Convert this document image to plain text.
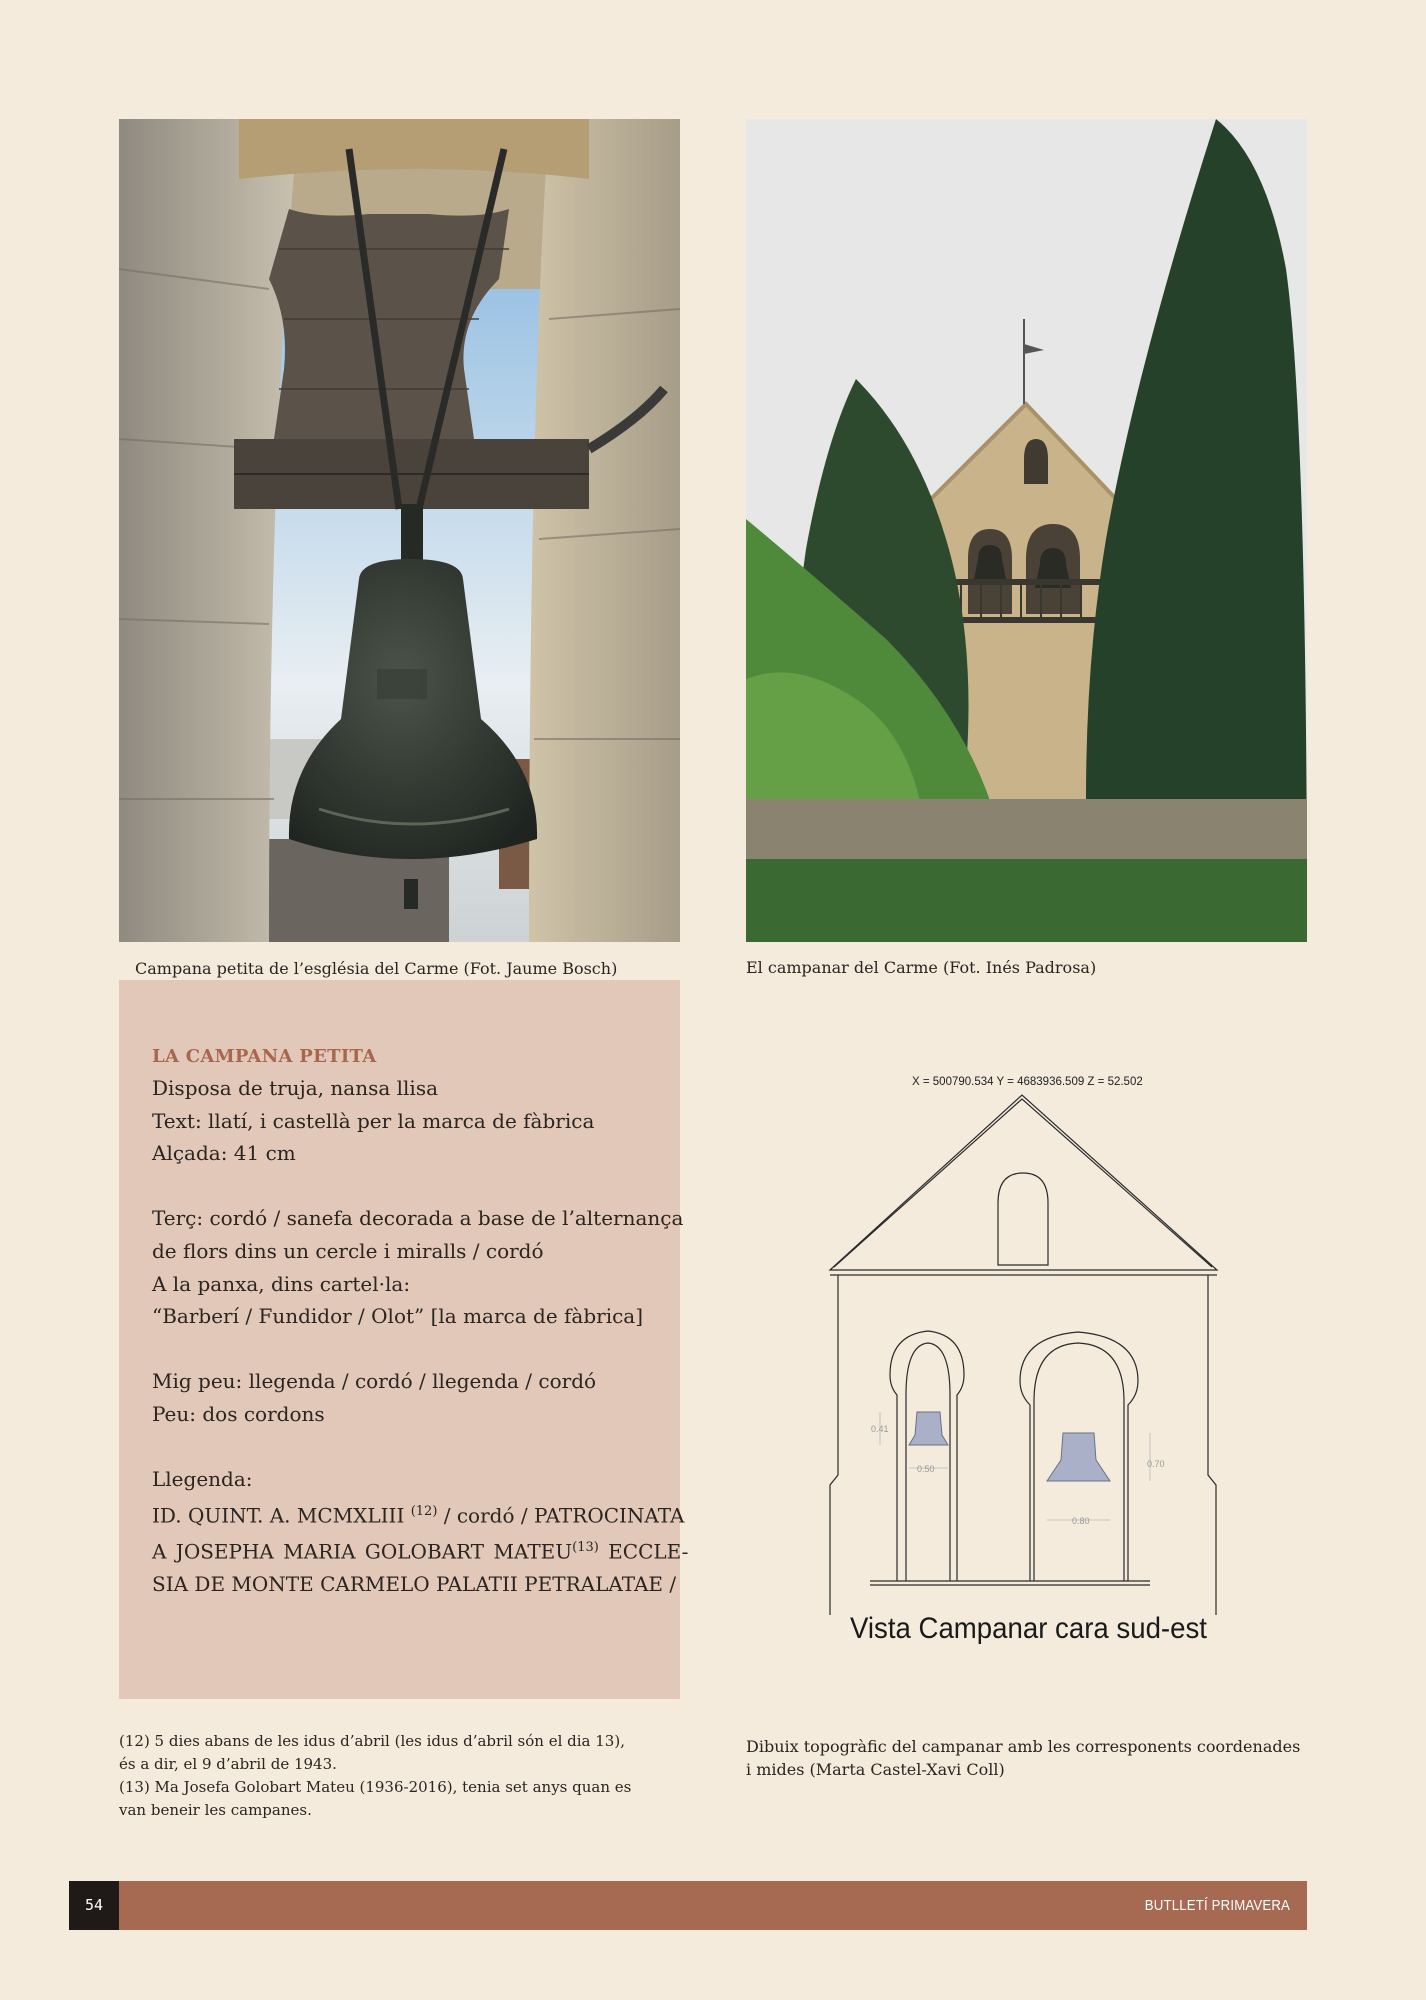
Campana petita de l’església del Carme (Fot. Jaume Bosch)	El campanar del Carme (Fot. Inés Padrosa)
LA CAMPANA PETITA
Disposa de truja, nansa llisa
Text: llatí, i castellà per la marca de fàbrica
Alçada: 41 cm
Terç: cordó / sanefa decorada a base de l’alternança
de flors dins un cercle i miralls / cordó
A la panxa, dins cartel·la:
“Barberí / Fundidor / Olot” [la marca de fàbrica]
Mig peu: llegenda / cordó / llegenda / cordó
Peu: dos cordons
Llegenda:
ID. QUINT. A. MCMXLIII $^{(12)}$ / cordó / PATROCINATA
A JOSEPHA MARIA GOLOBART MATEU$^{(13)}$ ECCLE-
SIA DE MONTE CARMELO PALATII PETRALATAE /
X = 500790.534 Y = 4683936.509 Z = 52.502
0.41
0.50	0.70
0.80
Vista Campanar cara sud-est
(12) 5 dies abans de les idus d’abril (les idus d’abril són el dia 13), és a dir, el 9 d’abril de 1943.
(13) Ma Josefa Golobart Mateu (1936-2016), tenia set anys quan es van beneir les campanes.
Dibuix topogràfic del campanar amb les corresponents coordenades i mides (Marta Castel-Xavi Coll)
54	BUTLLETÍ PRIMAVERA
